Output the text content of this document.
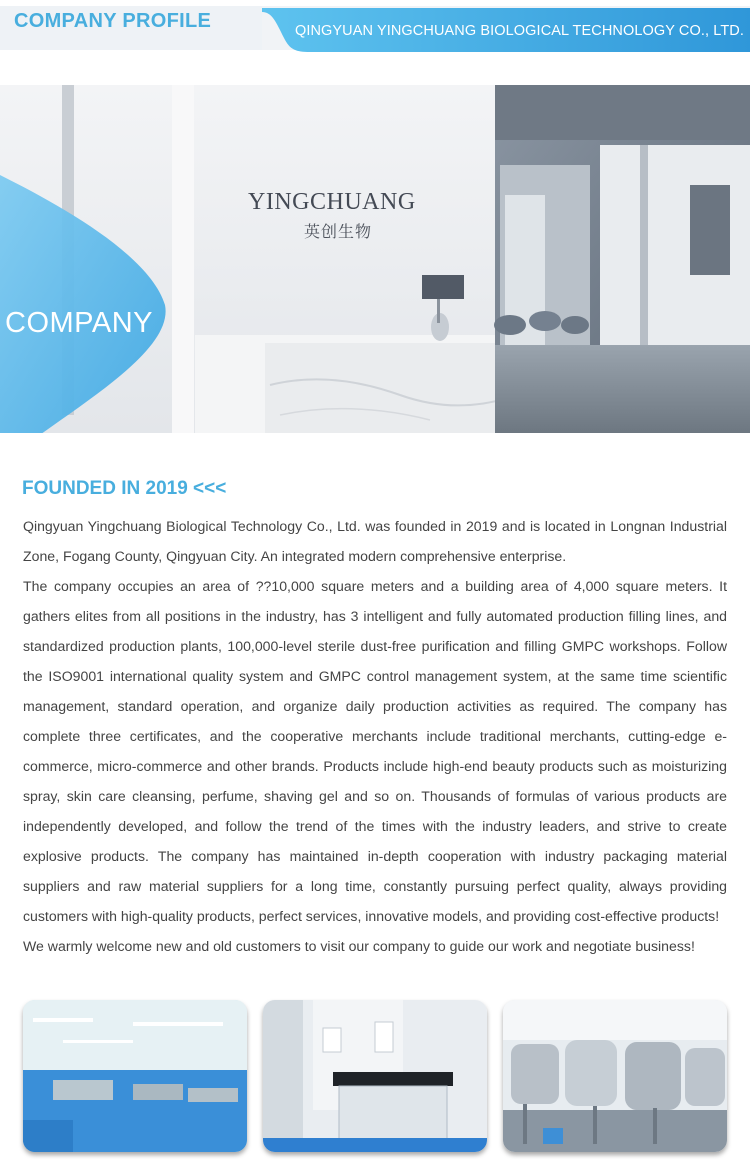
COMPANY PROFILE	QINGYUAN YINGCHUANG BIOLOGICAL TECHNOLOGY CO., LTD.
YINGCHUANG
英创生物
COMPANY
FOUNDED IN 2019 <<<

Qingyuan Yingchuang Biological Technology Co., Ltd. was founded in 2019 and is located in Longnan Industrial Zone, Fogang County, Qingyuan City. An integrated modern comprehensive enterprise.

The company occupies an area of ??10,000 square meters and a building area of 4,000 square meters. It gathers elites from all positions in the industry, has 3 intelligent and fully automated production filling lines, and standardized production plants, 100,000-level sterile dust-free purification and filling GMPC workshops. Follow the ISO9001 international quality system and GMPC control management system, at the same time scientific management, standard operation, and organize daily production activities as required. The company has complete three certificates, and the cooperative merchants include traditional merchants, cutting-edge e-commerce, micro-commerce and other brands. Products include high-end beauty products such as moisturizing spray, skin care cleansing, perfume, shaving gel and so on. Thousands of formulas of various products are independently developed, and follow the trend of the times with the industry leaders, and strive to create explosive products. The company has maintained in-depth cooperation with industry packaging material suppliers and raw material suppliers for a long time, constantly pursuing perfect quality, always providing customers with high-quality products, perfect services, innovative models, and providing cost-effective products!

We warmly welcome new and old customers to visit our company to guide our work and negotiate business!
